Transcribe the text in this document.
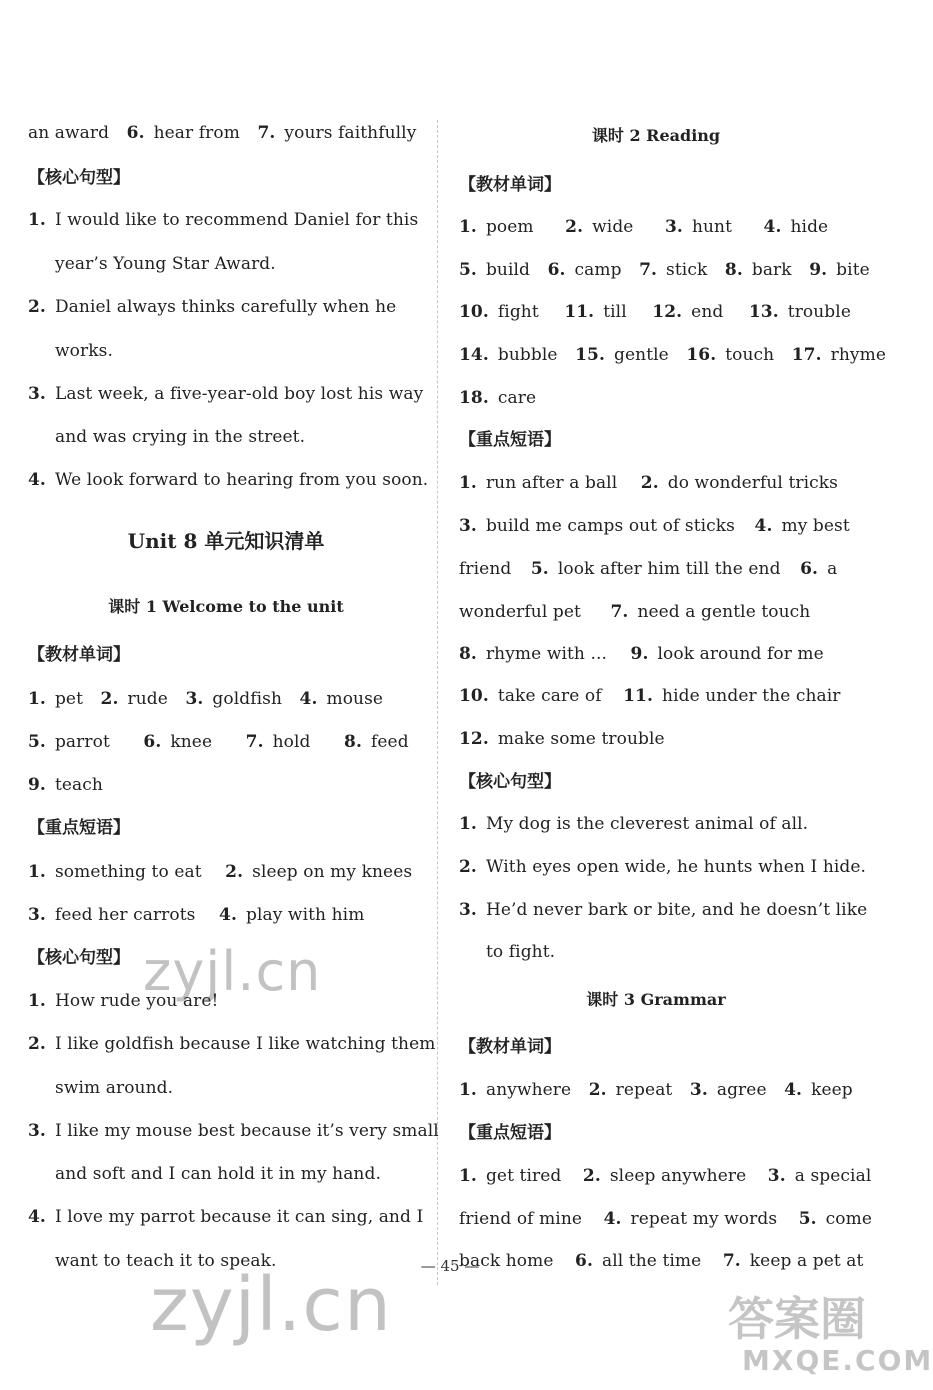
an award 6. hear from 7. yours faithfully
【核心句型】
1. I would like to recommend Daniel for this
year’s Young Star Award.
2. Daniel always thinks carefully when he
works.
3. Last week, a five-year-old boy lost his way
and was crying in the street.
4. We look forward to hearing from you soon.
Unit 8 单元知识清单
课时 1 Welcome to the unit
【教材单词】
1. pet 2. rude 3. goldfish 4. mouse
5. parrot 6. knee 7. hold 8. feed
9. teach
【重点短语】
1. something to eat 2. sleep on my knees
3. feed her carrots 4. play with him
【核心句型】
1. How rude you are!
2. I like goldfish because I like watching them
swim around.
3. I like my mouse best because it’s very small
and soft and I can hold it in my hand.
4. I love my parrot because it can sing, and I
want to teach it to speak.
课时 2 Reading
【教材单词】
1. poem 2. wide 3. hunt 4. hide
5. build 6. camp 7. stick 8. bark 9. bite
10. fight 11. till 12. end 13. trouble
14. bubble 15. gentle 16. touch 17. rhyme
18. care
【重点短语】
1. run after a ball 2. do wonderful tricks
3. build me camps out of sticks 4. my best
friend 5. look after him till the end 6. a
wonderful pet 7. need a gentle touch
8. rhyme with ... 9. look around for me
10. take care of 11. hide under the chair
12. make some trouble
【核心句型】
1. My dog is the cleverest animal of all.
2. With eyes open wide, he hunts when I hide.
3. He’d never bark or bite, and he doesn’t like
to fight.
课时 3 Grammar
【教材单词】
1. anywhere 2. repeat 3. agree 4. keep
【重点短语】
1. get tired 2. sleep anywhere 3. a special
friend of mine 4. repeat my words 5. come
back home 6. all the time 7. keep a pet at
— 45 —
zyjl.cn
zyjl.cn	答案圈
MXQE.COM
